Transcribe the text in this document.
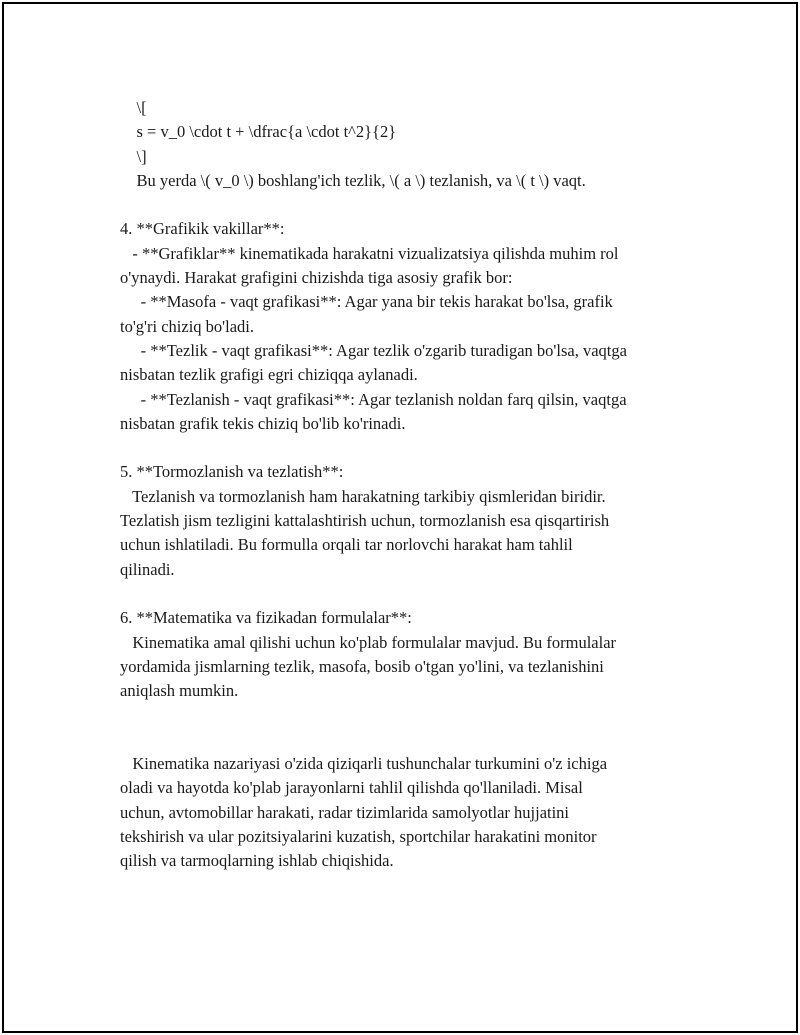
\[
s = v_0 \cdot t + \dfrac{a \cdot t^2}{2}
\]
Bu yerda \( v_0 \) boshlang'ich tezlik, \( a \) tezlanish, va \( t \) vaqt.
4. **Grafikik vakillar**:
- **Grafiklar** kinematikada harakatni vizualizatsiya qilishda muhim rol
o'ynaydi. Harakat grafigini chizishda tiga asosiy grafik bor:
- **Masofa - vaqt grafikasi**: Agar yana bir tekis harakat bo'lsa, grafik
to'g'ri chiziq bo'ladi.
- **Tezlik - vaqt grafikasi**: Agar tezlik o'zgarib turadigan bo'lsa, vaqtga
nisbatan tezlik grafigi egri chiziqqa aylanadi.
- **Tezlanish - vaqt grafikasi**: Agar tezlanish noldan farq qilsin, vaqtga
nisbatan grafik tekis chiziq bo'lib ko'rinadi.
5. **Tormozlanish va tezlatish**:
Tezlanish va tormozlanish ham harakatning tarkibiy qismleridan biridir.
Tezlatish jism tezligini kattalashtirish uchun, tormozlanish esa qisqartirish
uchun ishlatiladi. Bu formulla orqali tar norlovchi harakat ham tahlil
qilinadi.
6. **Matematika va fizikadan formulalar**:
Kinematika amal qilishi uchun ko'plab formulalar mavjud. Bu formulalar
yordamida jismlarning tezlik, masofa, bosib o'tgan yo'lini, va tezlanishini
aniqlash mumkin.
Kinematika nazariyasi o'zida qiziqarli tushunchalar turkumini o'z ichiga
oladi va hayotda ko'plab jarayonlarni tahlil qilishda qo'llaniladi. Misal
uchun, avtomobillar harakati, radar tizimlarida samolyotlar hujjatini
tekshirish va ular pozitsiyalarini kuzatish, sportchilar harakatini monitor
qilish va tarmoqlarning ishlab chiqishida.
